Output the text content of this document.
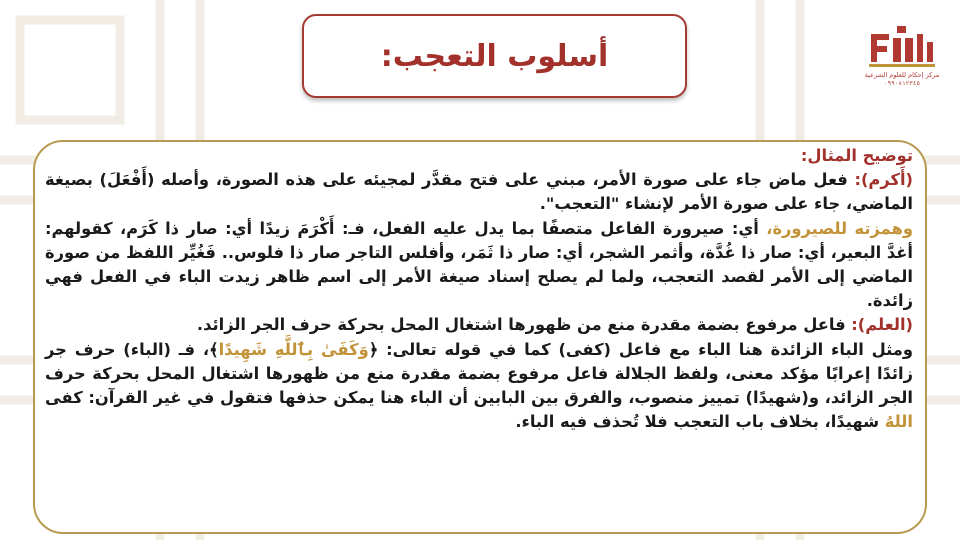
أسلوب التعجب:
مركز إحكام للعلوم الشرعية
٠٩٩٠٨١٢٣٤٥

توضيح المثال:

(أَكرم): فعل ماض جاء على صورة الأمر، مبني على فتح مقدَّر لمجيئه على هذه الصورة، وأصله (أَفْعَلَ) بصيغة الماضي، جاء على صورة الأمر لإنشاء "التعجب".

وهمزته للصيرورة، أي: صيرورة الفاعل متصفًا بما يدل عليه الفعل، فـ: أَكْرَمَ زيدًا أي: صار ذا كَرَم، كقولهم: أغدَّ البعير، أي: صار ذا غُدَّة، وأثمر الشجر، أي: صار ذا ثَمَر، وأفلس التاجر صار ذا فلوس.. فَغُيِّر اللفظ من صورة الماضي إلى الأمر لقصد التعجب، ولما لم يصلح إسناد صيغة الأمر إلى اسم ظاهر زيدت الباء في الفعل فهي زائدة.

(العلم): فاعل مرفوع بضمة مقدرة منع من ظهورها اشتغال المحل بحركة حرف الجر الزائد.

ومثل الباء الزائدة هنا الباء مع فاعل (كفى) كما في قوله تعالى: ﴿وَكَفَىٰ بِٱللَّهِ شَهِيدًا﴾، فـ (الباء) حرف جر زائدًا إعرابًا مؤكد معنى، ولفظ الجلالة فاعل مرفوع بضمة مقدرة منع من ظهورها اشتغال المحل بحركة حرف الجر الزائد، و(شهيدًا) تمييز منصوب، والفرق بين البابين أن الباء هنا يمكن حذفها فتقول في غير القرآن: كفى اللهُ شهيدًا، بخلاف باب التعجب فلا تُحذف فيه الباء.
